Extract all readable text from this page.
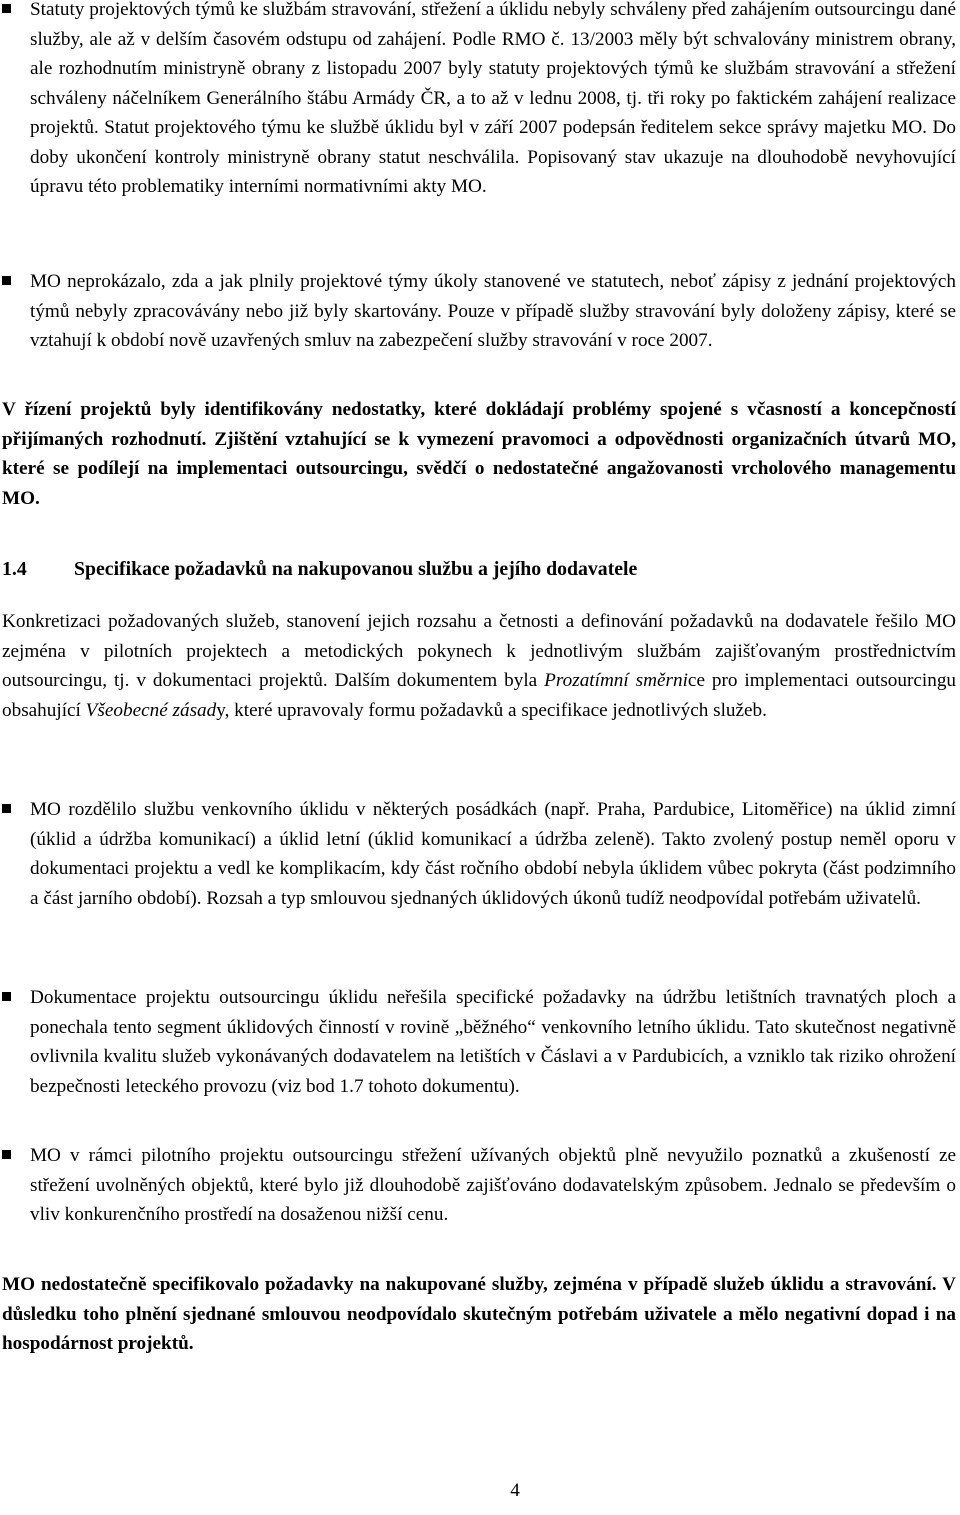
Statuty projektových týmů ke službám stravování, střežení a úklidu nebyly schváleny před zahájením outsourcingu dané služby, ale až v delším časovém odstupu od zahájení. Podle RMO č. 13/2003 měly být schvalovány ministrem obrany, ale rozhodnutím ministryně obrany z listopadu 2007 byly statuty projektových týmů ke službám stravování a střežení schváleny náčelníkem Generálního štábu Armády ČR, a to až v lednu 2008, tj. tři roky po faktickém zahájení realizace projektů. Statut projektového týmu ke službě úklidu byl v září 2007 podepsán ředitelem sekce správy majetku MO. Do doby ukončení kontroly ministryně obrany statut neschválila. Popisovaný stav ukazuje na dlouhodobě nevyhovující úpravu této problematiky interními normativními akty MO.
MO neprokázalo, zda a jak plnily projektové týmy úkoly stanovené ve statutech, neboť zápisy z jednání projektových týmů nebyly zpracovávány nebo již byly skartovány. Pouze v případě služby stravování byly doloženy zápisy, které se vztahují k období nově uzavřených smluv na zabezpečení služby stravování v roce 2007.
V řízení projektů byly identifikovány nedostatky, které dokládají problémy spojené s včasností a koncepčností přijímaných rozhodnutí. Zjištění vztahující se k vymezení pravomoci a odpovědnosti organizačních útvarů MO, které se podílejí na implementaci outsourcingu, svědčí o nedostatečné angažovanosti vrcholového managementu MO.
1.4 Specifikace požadavků na nakupovanou službu a jejího dodavatele
Konkretizaci požadovaných služeb, stanovení jejich rozsahu a četnosti a definování požadavků na dodavatele řešilo MO zejména v pilotních projektech a metodických pokynech k jednotlivým službám zajišťovaným prostřednictvím outsourcingu, tj. v dokumentaci projektů. Dalším dokumentem byla Prozatímní směrnice pro implementaci outsourcingu obsahující Všeobecné zásady, které upravovaly formu požadavků a specifikace jednotlivých služeb.
MO rozdělilo službu venkovního úklidu v některých posádkách (např. Praha, Pardubice, Litoměřice) na úklid zimní (úklid a údržba komunikací) a úklid letní (úklid komunikací a údržba zeleně). Takto zvolený postup neměl oporu v dokumentaci projektu a vedl ke komplikacím, kdy část ročního období nebyla úklidem vůbec pokryta (část podzimního a část jarního období). Rozsah a typ smlouvou sjednaných úklidových úkonů tudíž neodpovídal potřebám uživatelů.
Dokumentace projektu outsourcingu úklidu neřešila specifické požadavky na údržbu letištních travnatých ploch a ponechala tento segment úklidových činností v rovině „běžného“ venkovního letního úklidu. Tato skutečnost negativně ovlivnila kvalitu služeb vykonávaných dodavatelem na letištích v Čáslavi a v Pardubicích, a vzniklo tak riziko ohrožení bezpečnosti leteckého provozu (viz bod 1.7 tohoto dokumentu).
MO v rámci pilotního projektu outsourcingu střežení užívaných objektů plně nevyužilo poznatků a zkušeností ze střežení uvolněných objektů, které bylo již dlouhodobě zajišťováno dodavatelským způsobem. Jednalo se především o vliv konkurenčního prostředí na dosaženou nižší cenu.
MO nedostatečně specifikovalo požadavky na nakupované služby, zejména v případě služeb úklidu a stravování. V důsledku toho plnění sjednané smlouvou neodpovídalo skutečným potřebám uživatele a mělo negativní dopad i na hospodárnost projektů.
4
